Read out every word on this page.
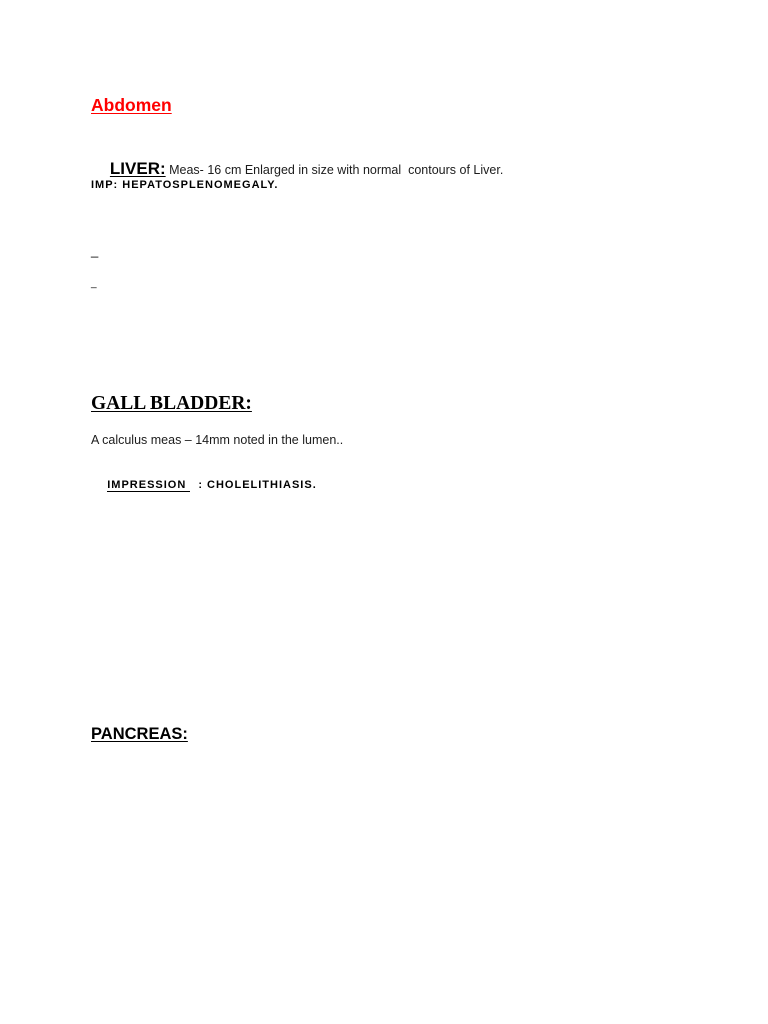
Abdomen

LIVER: Meas- 16 cm Enlarged in size with normal  contours of Liver.

IMP: HEPATOSPLENOMEGALY.
_
_
GALL BLADDER:
A calculus meas – 14mm noted in the lumen..

IMPRESSION : CHOLELITHIASIS.

PANCREAS:
